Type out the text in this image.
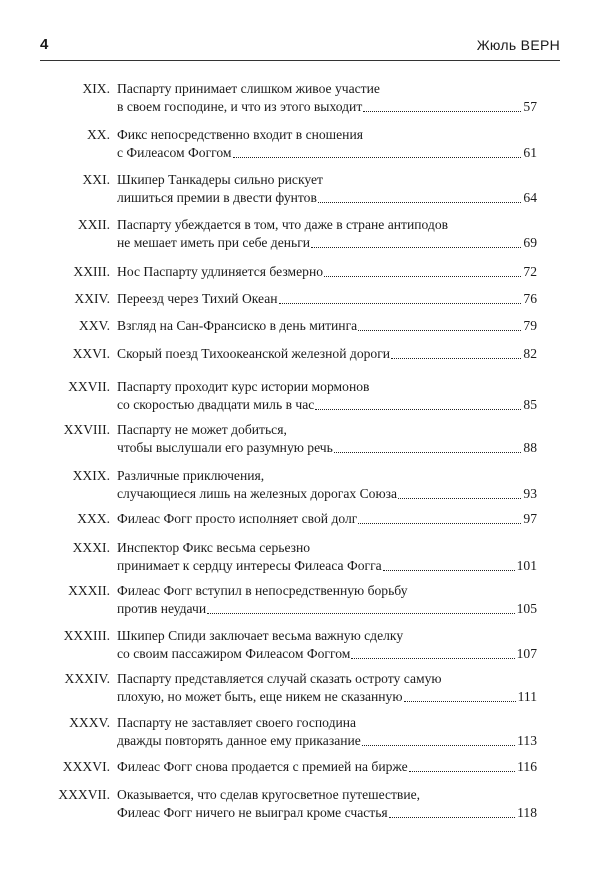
4	Жюль ВЕРН
XIX. Паспарту принимает слишком живое участие
в своем господине, и что из этого выходит	57
XX. Фикс непосредственно входит в сношения
с Филеасом Фоггом	61
XXI. Шкипер Танкадеры сильно рискует
лишиться премии в двести фунтов	64
XXII. Паспарту убеждается в том, что даже в стране антиподов
не мешает иметь при себе деньги	69
XXIII. Нос Паспарту удлиняется безмерно	72
XXIV. Переезд через Тихий Океан	76
XXV. Взгляд на Сан-Франсиско в день митинга	79
XXVI. Скорый поезд Тихоокеанской железной дороги	82
XXVII. Паспарту проходит курс истории мормонов
со скоростью двадцати миль в час	85
XXVIII. Паспарту не может добиться,
чтобы выслушали его разумную речь	88
XXIX. Различные приключения,
случающиеся лишь на железных дорогах Союза	93
XXX. Филеас Фогг просто исполняет свой долг	97
XXXI. Инспектор Фикс весьма серьезно
принимает к сердцу интересы Филеаса Фогга	101
XXXII. Филеас Фогг вступил в непосредственную борьбу
против неудачи	105
XXXIII. Шкипер Спиди заключает весьма важную сделку
со своим пассажиром Филеасом Фоггом	107
XXXIV. Паспарту представляется случай сказать остроту самую
плохую, но может быть, еще никем не сказанную	111
XXXV. Паспарту не заставляет своего господина
дважды повторять данное ему приказание	113
XXXVI. Филеас Фогг снова продается с премией на бирже	116
XXXVII. Оказывается, что сделав кругосветное путешествие,
Филеас Фогг ничего не выиграл кроме счастья	118
